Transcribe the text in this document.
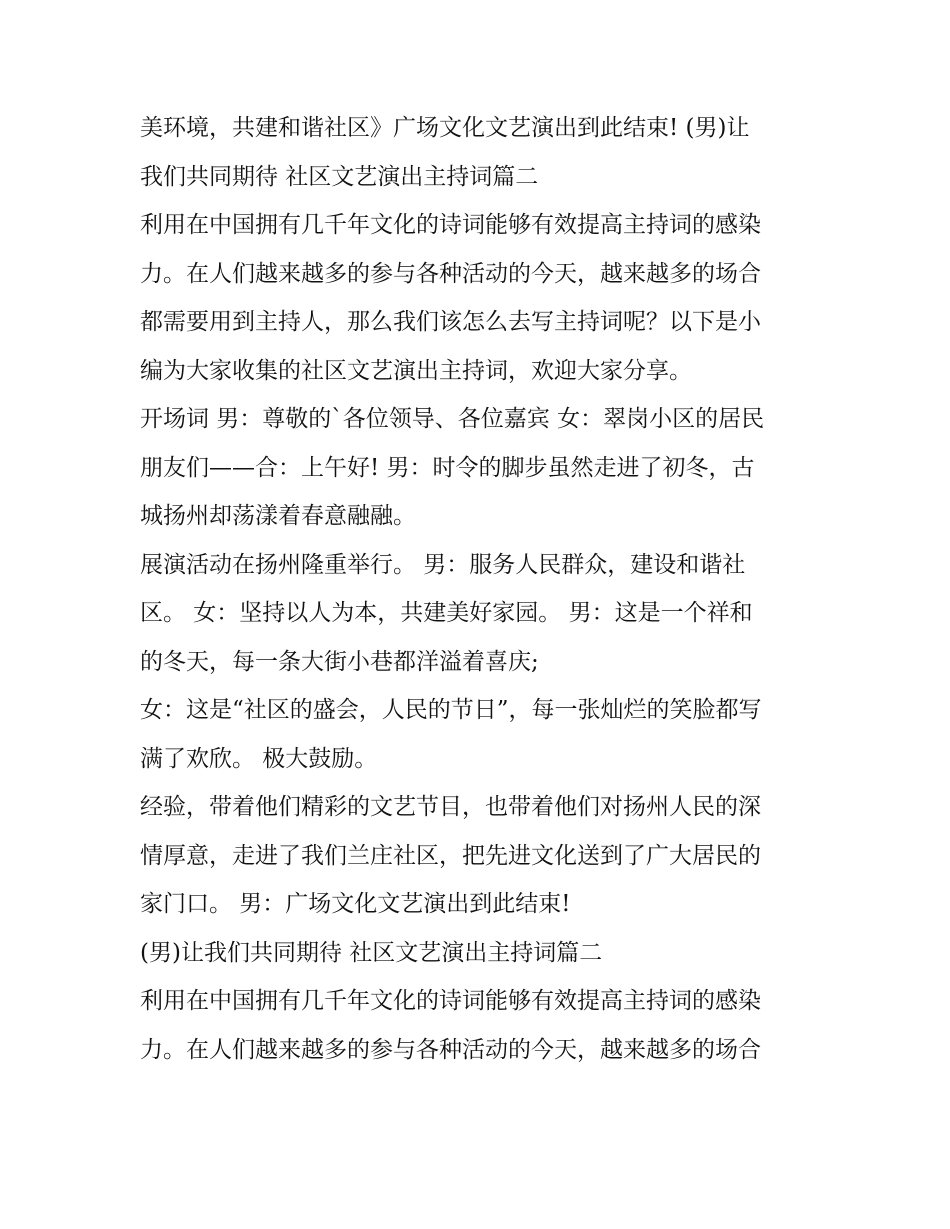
美环境，共建和谐社区》广场文化文艺演出到此结束! (男)让
我们共同期待 社区文艺演出主持词篇二
利用在中国拥有几千年文化的诗词能够有效提高主持词的感染
力。在人们越来越多的参与各种活动的今天，越来越多的场合
都需要用到主持人，那么我们该怎么去写主持词呢？以下是小
编为大家收集的社区文艺演出主持词，欢迎大家分享。
开场词 男：尊敬的`各位领导、各位嘉宾 女：翠岗小区的居民
朋友们——合：上午好! 男：时令的脚步虽然走进了初冬，古
城扬州却荡漾着春意融融。
展演活动在扬州隆重举行。 男：服务人民群众，建设和谐社
区。 女：坚持以人为本，共建美好家园。 男：这是一个祥和
的冬天，每一条大街小巷都洋溢着喜庆;
女：这是“社区的盛会，人民的节日”，每一张灿烂的笑脸都写
满了欢欣。 极大鼓励。
经验，带着他们精彩的文艺节目，也带着他们对扬州人民的深
情厚意，走进了我们兰庄社区，把先进文化送到了广大居民的
家门口。 男：广场文化文艺演出到此结束!
(男)让我们共同期待 社区文艺演出主持词篇二
利用在中国拥有几千年文化的诗词能够有效提高主持词的感染
力。在人们越来越多的参与各种活动的今天，越来越多的场合
